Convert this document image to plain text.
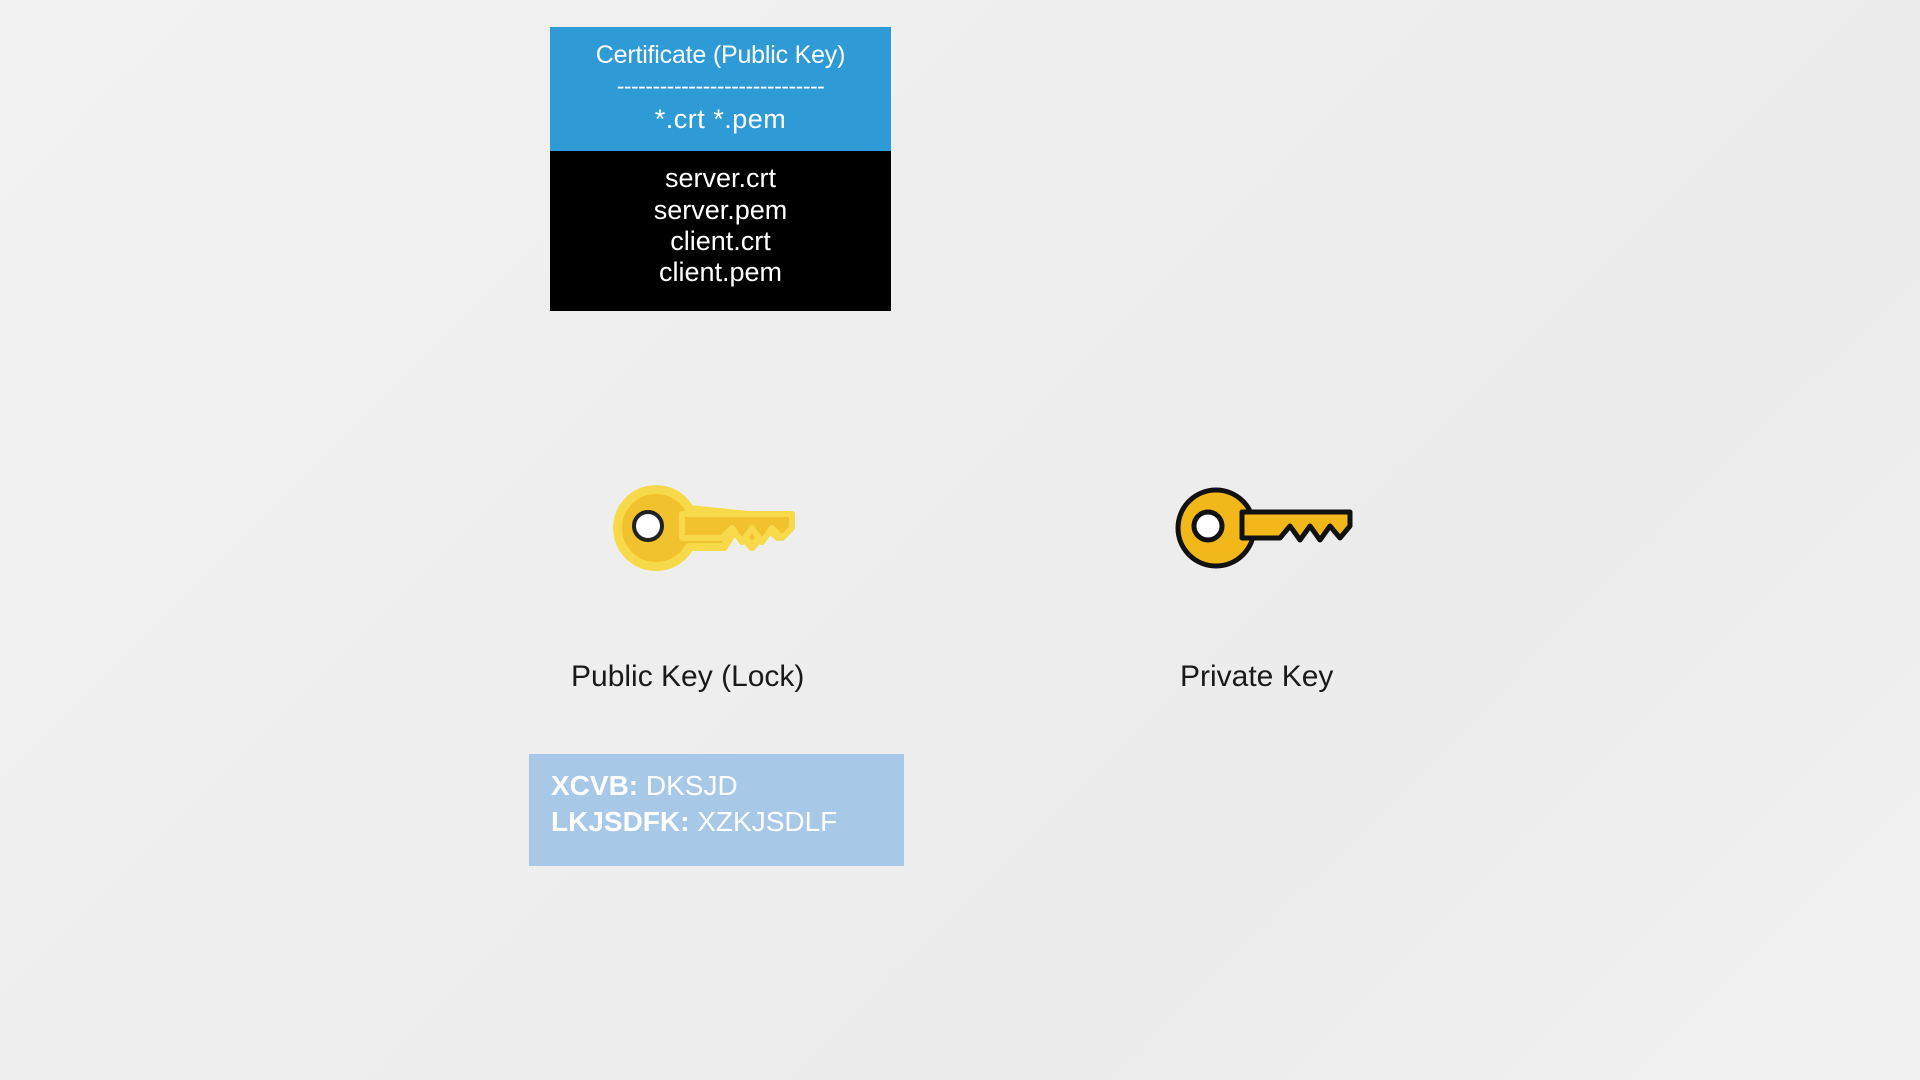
Certificate (Public Key)
-----------------------------
*.crt *.pem
server.crt
server.pem
client.crt
client.pem
Public Key (Lock)	Private Key
XCVB: DKSJD
LKJSDFK: XZKJSDLF
